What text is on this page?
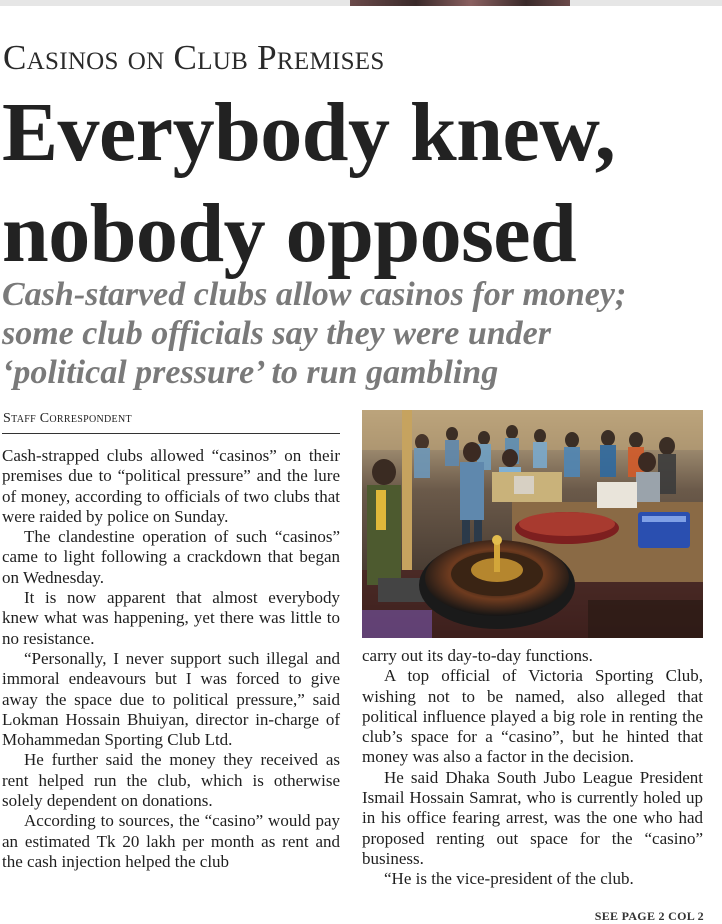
Casinos on Club Premises
Everybody knew,
nobody opposed
Cash-starved clubs allow casinos for money;
some club officials say they were under
‘political pressure’ to run gambling
Staff Correspondent

Cash-strapped clubs allowed “casinos” on their premises due to “political pressure” and the lure of money, according to officials of two clubs that were raided by police on Sunday.

The clandestine operation of such “casinos” came to light following a crackdown that began on Wednesday.

It is now apparent that almost everybody knew what was happening, yet there was little to no resistance.

“Personally, I never support such illegal and immoral endeavours but I was forced to give away the space due to political pressure,” said Lokman Hossain Bhuiyan, director in-charge of Mohammedan Sporting Club Ltd.

He further said the money they received as rent helped run the club, which is otherwise solely dependent on donations.

According to sources, the “casino” would pay an estimated Tk 20 lakh per month as rent and the cash injection helped the club

carry out its day-to-day functions.

A top official of Victoria Sporting Club, wishing not to be named, also alleged that political influence played a big role in renting the club’s space for a “casino”, but he hinted that money was also a factor in the decision.

He said Dhaka South Jubo League President Ismail Hossain Samrat, who is currently holed up in his office fearing arrest, was the one who had proposed renting out space for the “casino” business.

“He is the vice-president of the club.

SEE PAGE 2 COL 2
